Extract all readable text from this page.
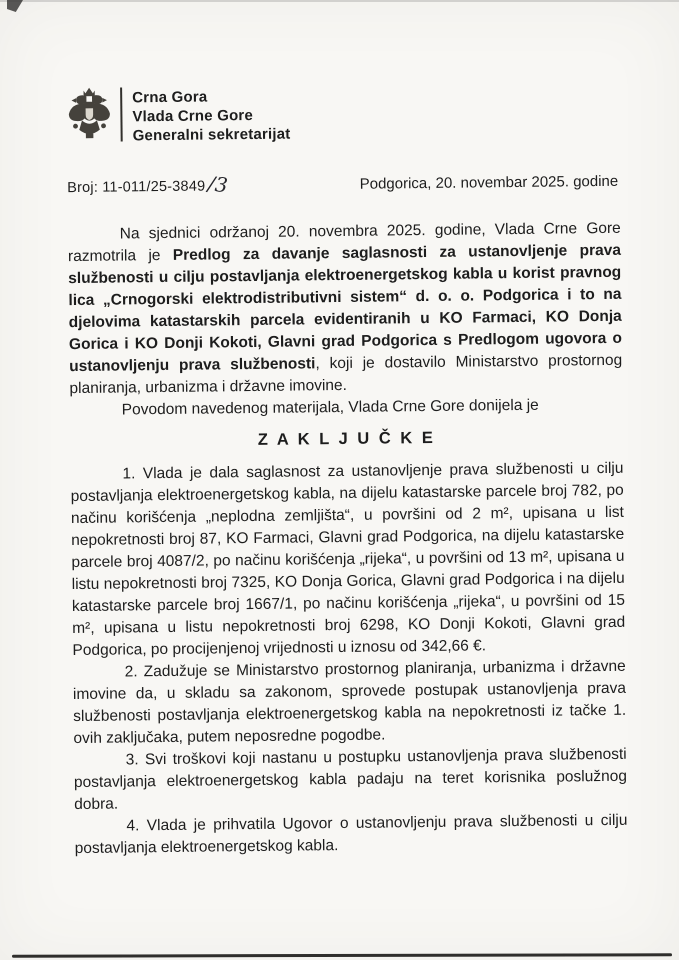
Crna Gora
Vlada Crne Gore
Generalni sekretarijat
Broj: 11-011/25-3849/3	Podgorica, 20. novembar 2025. godine

Na sjednici održanoj 20. novembra 2025. godine, Vlada Crne Gore razmotrila je Predlog za davanje saglasnosti za ustanovljenje prava službenosti u cilju postavljanja elektroenergetskog kabla u korist pravnog lica „Crnogorski elektrodistributivni sistem“ d. o. o. Podgorica i to na djelovima katastarskih parcela evidentiranih u KO Farmaci, KO Donja Gorica i KO Donji Kokoti, Glavni grad Podgorica s Predlogom ugovora o ustanovljenju prava službenosti, koji je dostavilo Ministarstvo prostornog planiranja, urbanizma i državne imovine.

Povodom navedenog materijala, Vlada Crne Gore donijela je

Z A K L J U Č K E

1. Vlada je dala saglasnost za ustanovljenje prava službenosti u cilju postavljanja elektroenergetskog kabla, na dijelu katastarske parcele broj 782, po načinu korišćenja „neplodna zemljišta“, u površini od 2 m², upisana u list nepokretnosti broj 87, KO Farmaci, Glavni grad Podgorica, na dijelu katastarske parcele broj 4087/2, po načinu korišćenja „rijeka“, u površini od 13 m², upisana u listu nepokretnosti broj 7325, KO Donja Gorica, Glavni grad Podgorica i na dijelu katastarske parcele broj 1667/1, po načinu korišćenja „rijeka“, u površini od 15 m², upisana u listu nepokretnosti broj 6298, KO Donji Kokoti, Glavni grad Podgorica, po procijenjenoj vrijednosti u iznosu od 342,66 €.

2. Zadužuje se Ministarstvo prostornog planiranja, urbanizma i državne imovine da, u skladu sa zakonom, sprovede postupak ustanovljenja prava službenosti postavljanja elektroenergetskog kabla na nepokretnosti iz tačke 1. ovih zaključaka, putem neposredne pogodbe.

3. Svi troškovi koji nastanu u postupku ustanovljenja prava službenosti postavljanja elektroenergetskog kabla padaju na teret korisnika poslužnog dobra.

4. Vlada je prihvatila Ugovor o ustanovljenju prava službenosti u cilju postavljanja elektroenergetskog kabla.
